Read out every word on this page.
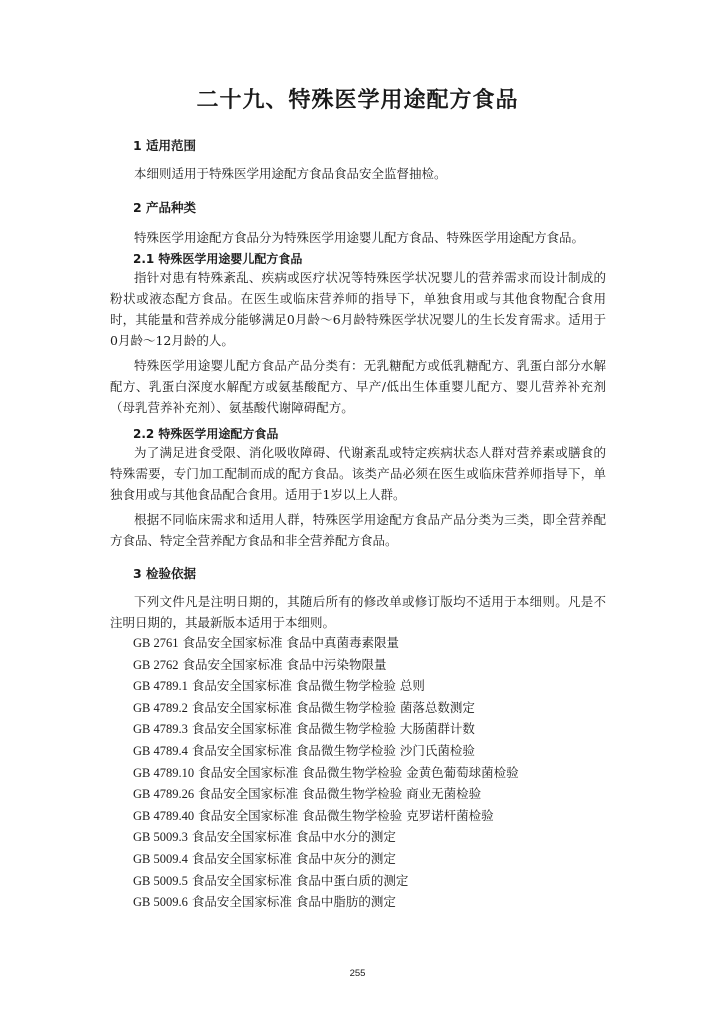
二十九、特殊医学用途配方食品
1 适用范围

本细则适用于特殊医学用途配方食品食品安全监督抽检。

2 产品种类

特殊医学用途配方食品分为特殊医学用途婴儿配方食品、特殊医学用途配方食品。

2.1 特殊医学用途婴儿配方食品

指针对患有特殊紊乱、疾病或医疗状况等特殊医学状况婴儿的营养需求而设计制成的粉状或液态配方食品。在医生或临床营养师的指导下，单独食用或与其他食物配合食用时，其能量和营养成分能够满足0月龄～6月龄特殊医学状况婴儿的生长发育需求。适用于0月龄～12月龄的人。

特殊医学用途婴儿配方食品产品分类有：无乳糖配方或低乳糖配方、乳蛋白部分水解配方、乳蛋白深度水解配方或氨基酸配方、早产/低出生体重婴儿配方、婴儿营养补充剂（母乳营养补充剂）、氨基酸代谢障碍配方。

2.2 特殊医学用途配方食品

为了满足进食受限、消化吸收障碍、代谢紊乱或特定疾病状态人群对营养素或膳食的特殊需要，专门加工配制而成的配方食品。该类产品必须在医生或临床营养师指导下，单独食用或与其他食品配合食用。适用于1岁以上人群。

根据不同临床需求和适用人群，特殊医学用途配方食品产品分类为三类，即全营养配方食品、特定全营养配方食品和非全营养配方食品。

3 检验依据

下列文件凡是注明日期的，其随后所有的修改单或修订版均不适用于本细则。凡是不注明日期的，其最新版本适用于本细则。

GB 2761 食品安全国家标准 食品中真菌毒素限量
GB 2762 食品安全国家标准 食品中污染物限量
GB 4789.1 食品安全国家标准 食品微生物学检验 总则
GB 4789.2 食品安全国家标准 食品微生物学检验 菌落总数测定
GB 4789.3 食品安全国家标准 食品微生物学检验 大肠菌群计数
GB 4789.4 食品安全国家标准 食品微生物学检验 沙门氏菌检验
GB 4789.10 食品安全国家标准 食品微生物学检验 金黄色葡萄球菌检验
GB 4789.26 食品安全国家标准 食品微生物学检验 商业无菌检验
GB 4789.40 食品安全国家标准 食品微生物学检验 克罗诺杆菌检验
GB 5009.3 食品安全国家标准 食品中水分的测定
GB 5009.4 食品安全国家标准 食品中灰分的测定
GB 5009.5 食品安全国家标准 食品中蛋白质的测定
GB 5009.6 食品安全国家标准 食品中脂肪的测定
255
